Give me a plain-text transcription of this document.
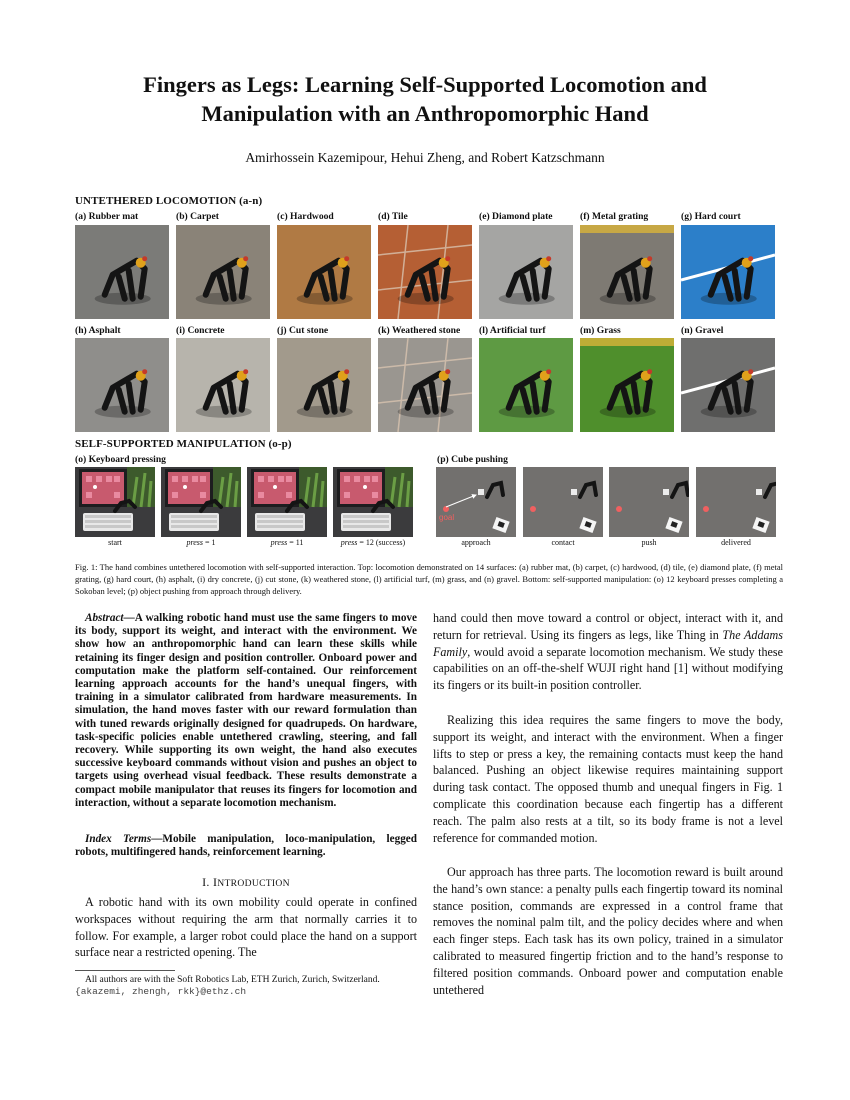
Fingers as Legs: Learning Self-Supported Locomotion and
Manipulation with an Anthropomorphic Hand
Amirhossein Kazemipour, Hehui Zheng, and Robert Katzschmann
UNTETHERED LOCOMOTION (a-n)
(a) Rubber mat	(b) Carpet	(c) Hardwood	(d) Tile	(e) Diamond plate	(f) Metal grating	(g) Hard court
(h) Asphalt	(i) Concrete	(j) Cut stone	(k) Weathered stone (l) Artificial turf	(m) Grass	(n) Gravel
SELF-SUPPORTED MANIPULATION (o-p)
(o) Keyboard pressing	(p) Cube pushing
start	press = 1	press = 11	press = 12 (success)
goal
approach	contact	push	delivered
Fig. 1: The hand combines untethered locomotion with self-supported interaction. Top: locomotion demonstrated on 14 surfaces: (a) rubber mat, (b) carpet, (c) hardwood, (d) tile, (e) diamond plate, (f) metal grating, (g) hard court, (h) asphalt, (i) dry concrete, (j) cut stone, (k) weathered stone, (l) artificial turf, (m) grass, and (n) gravel. Bottom: self-supported manipulation: (o) 12 keyboard presses completing a Sokoban level; (p) object pushing from approach through delivery.
Abstract—A walking robotic hand must use the same fingers to move its body, support its weight, and interact with the environment. We show how an anthropomorphic hand can learn these skills while retaining its finger design and position controller. Onboard power and computation make the platform self-contained. Our reinforcement learning approach accounts for the hand’s unequal fingers, with training in a simulator calibrated from hardware measurements. In simulation, the hand moves faster with our reward formulation than with tuned rewards originally designed for quadrupeds. On hardware, task-specific policies enable untethered crawling, steering, and fall recovery. While supporting its own weight, the hand also executes successive keyboard commands without vision and pushes an object to targets using overhead visual feedback. These results demonstrate a compact mobile manipulator that reuses its fingers for locomotion and interaction, without a separate locomotion mechanism.
Index Terms—Mobile manipulation, loco-manipulation, legged robots, multifingered hands, reinforcement learning.
I. INTRODUCTION
A robotic hand with its own mobility could operate in confined workspaces without requiring the arm that normally carries it to follow. For example, a larger robot could place the hand on a support surface near a restricted opening. The
All authors are with the Soft Robotics Lab, ETH Zurich, Zurich, Switzerland.
{akazemi, zhengh, rkk}@ethz.ch
hand could then move toward a control or object, interact with it, and return for retrieval. Using its fingers as legs, like Thing in The Addams Family, would avoid a separate locomotion mechanism. We study these capabilities on an off-the-shelf WUJI right hand [1] without modifying its fingers or its built-in position controller.
Realizing this idea requires the same fingers to move the body, support its weight, and interact with the environment. When a finger lifts to step or press a key, the remaining contacts must keep the hand balanced. Pushing an object likewise requires maintaining support during task contact. The opposed thumb and unequal fingers in Fig. 1 complicate this coordination because each fingertip has a different reach. The palm also rests at a tilt, so its body frame is not a level reference for commanded motion.
Our approach has three parts. The locomotion reward is built around the hand’s own stance: a penalty pulls each fingertip toward its nominal stance position, commands are expressed in a control frame that removes the nominal palm tilt, and the policy decides where and when each finger steps. Each task has its own policy, trained in a simulator calibrated to measured fingertip friction and to the hand’s response to filtered position commands. Onboard power and computation enable untethered
